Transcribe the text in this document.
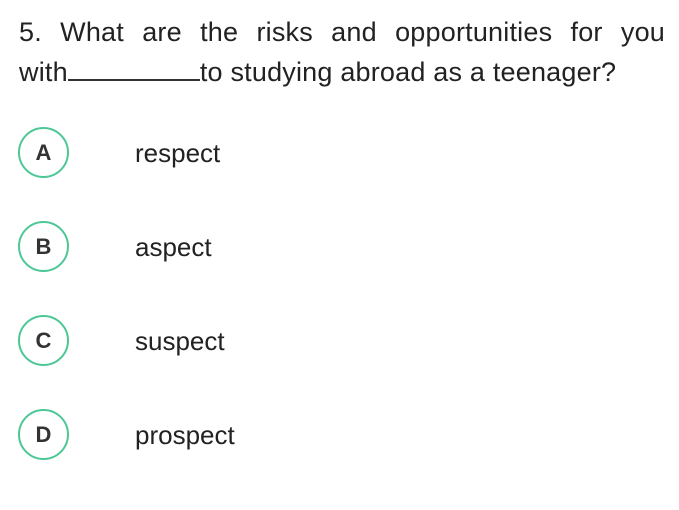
5. What are the risks and opportunities for you
with	to studying abroad as a teenager?
A	respect
B	aspect
C	suspect
D	prospect
